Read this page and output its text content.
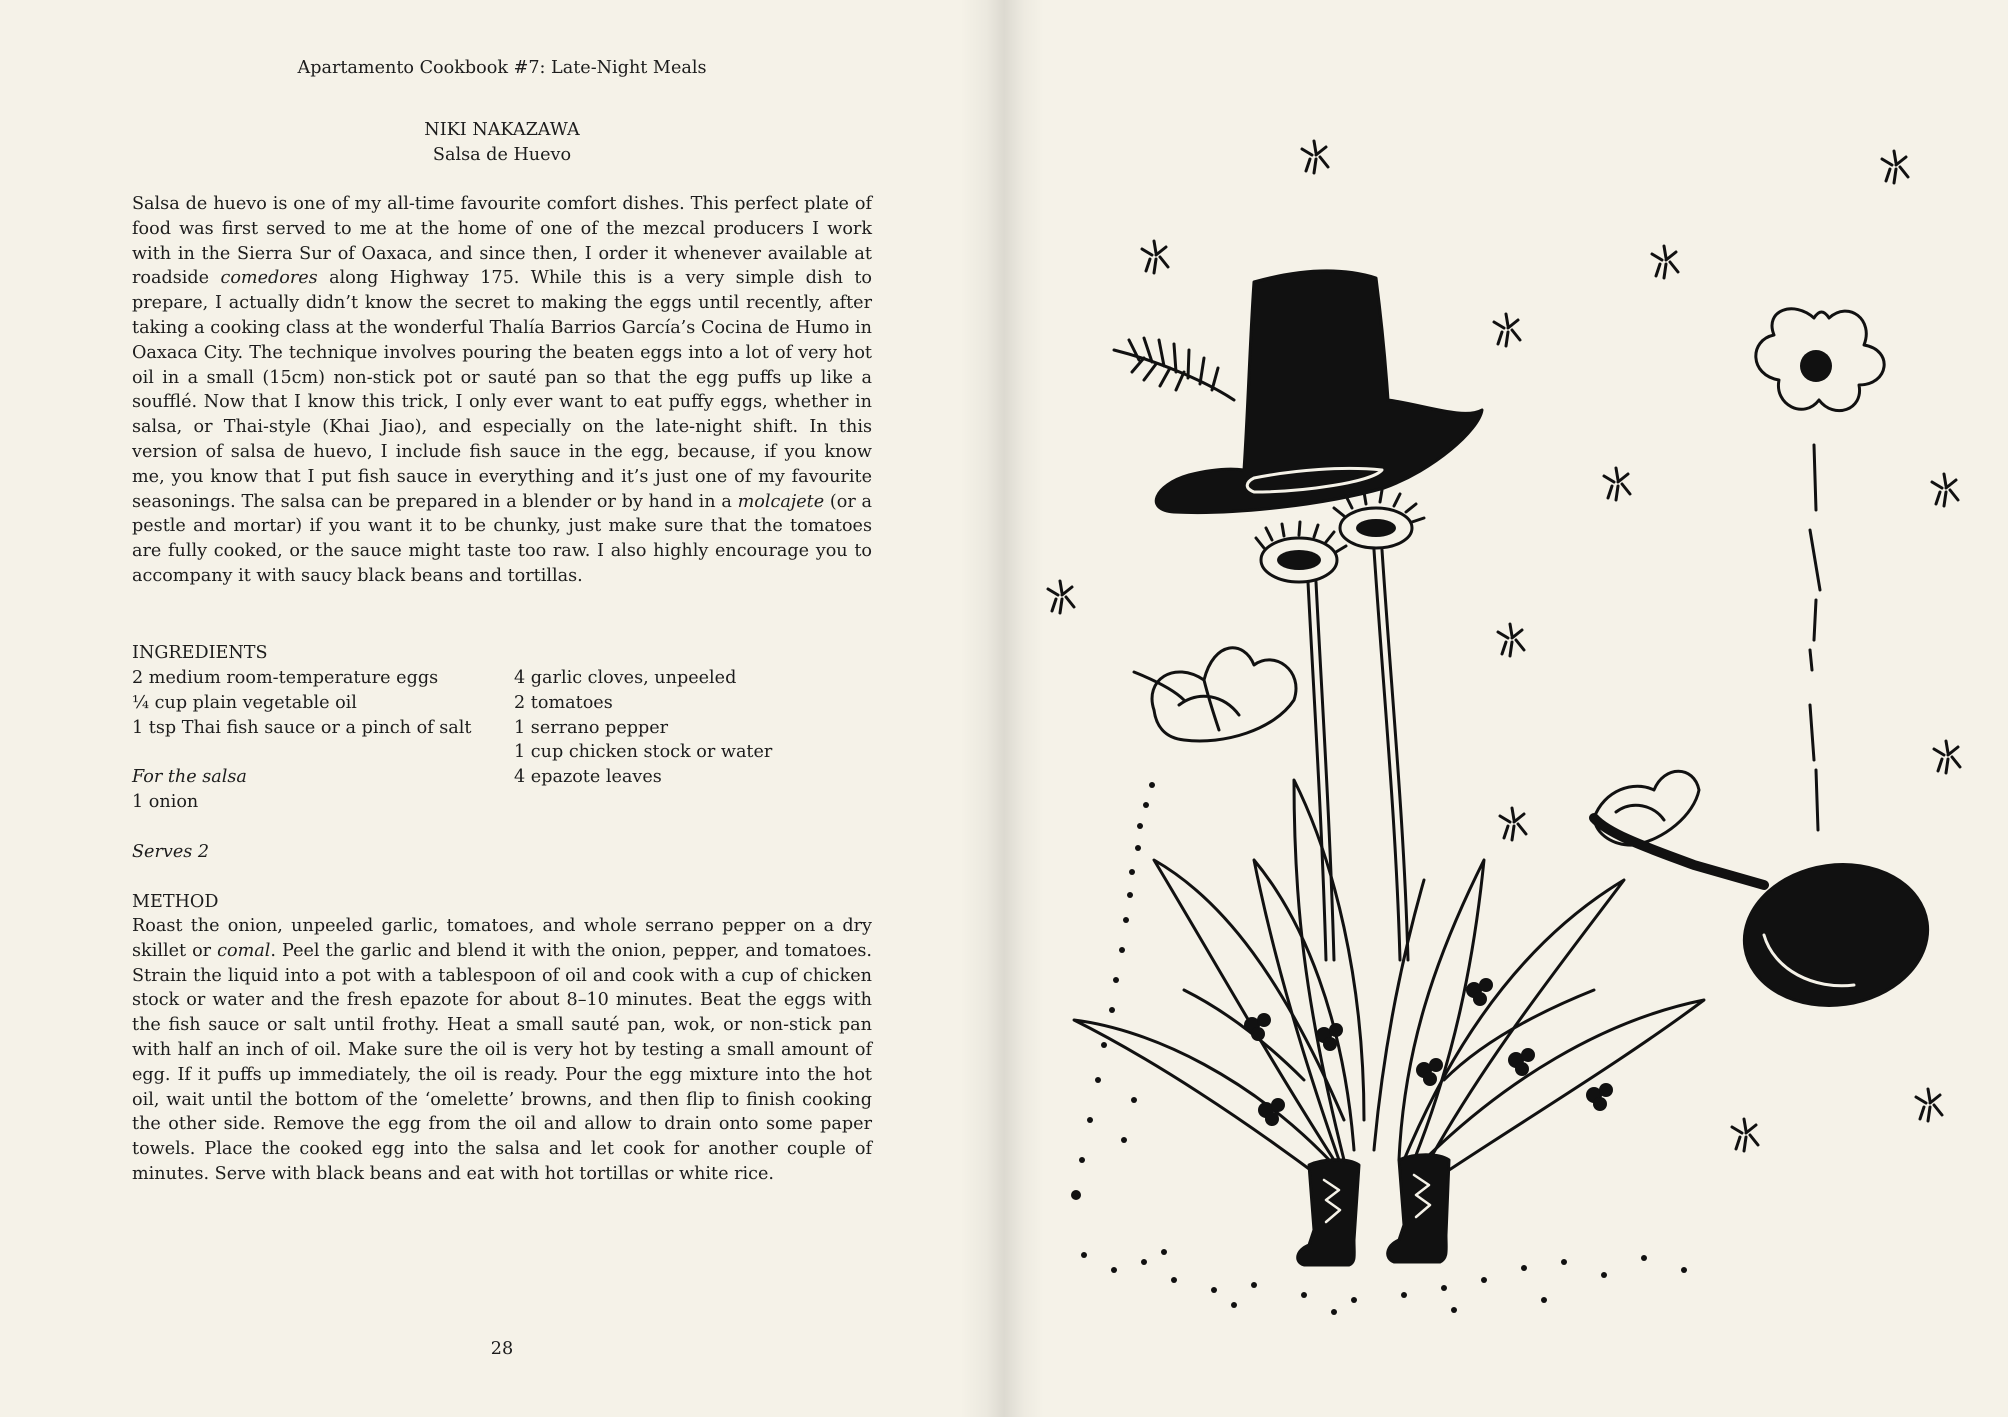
Apartamento Cookbook #7: Late-Night Meals
NIKI NAKAZAWA
Salsa de Huevo

Salsa de huevo is one of my all-time favourite comfort dishes. This perfect plate of food was first served to me at the home of one of the mezcal producers I work with in the Sierra Sur of Oaxaca, and since then, I order it whenever available at roadside comedores along Highway 175. While this is a very simple dish to prepare, I actually didn’t know the secret to making the eggs until recently, after taking a cooking class at the wonderful Thalía Barrios García’s Cocina de Humo in Oaxaca City. The technique involves pouring the beaten eggs into a lot of very hot oil in a small (15cm) non-stick pot or sauté pan so that the egg puffs up like a soufflé. Now that I know this trick, I only ever want to eat puffy eggs, whether in salsa, or Thai-style (Khai Jiao), and especially on the late-night shift. In this version of salsa de huevo, I include fish sauce in the egg, because, if you know me, you know that I put fish sauce in everything and it’s just one of my favourite seasonings. The salsa can be prepared in a blender or by hand in a molcajete (or a pestle and mortar) if you want it to be chunky, just make sure that the tomatoes are fully cooked, or the sauce might taste too raw. I also highly encourage you to accompany it with saucy black beans and tortillas.

INGREDIENTS
2 medium room-temperature eggs
¼ cup plain vegetable oil
1 tsp Thai fish sauce or a pinch of salt
4 garlic cloves, unpeeled
2 tomatoes
1 serrano pepper
1 cup chicken stock or water
4 epazote leaves
For the salsa
1 onion
Serves 2
METHOD

Roast the onion, unpeeled garlic, tomatoes, and whole serrano pepper on a dry skillet or comal. Peel the garlic and blend it with the onion, pepper, and tomatoes. Strain the liquid into a pot with a tablespoon of oil and cook with a cup of chicken stock or water and the fresh epazote for about 8–10 minutes. Beat the eggs with the fish sauce or salt until frothy. Heat a small sauté pan, wok, or non-stick pan with half an inch of oil. Make sure the oil is very hot by testing a small amount of egg. If it puffs up immediately, the oil is ready. Pour the egg mixture into the hot oil, wait until the bottom of the ‘omelette’ browns, and then flip to finish cooking the other side. Remove the egg from the oil and allow to drain onto some paper towels. Place the cooked egg into the salsa and let cook for another couple of minutes. Serve with black beans and eat with hot tortillas or white rice.

28
